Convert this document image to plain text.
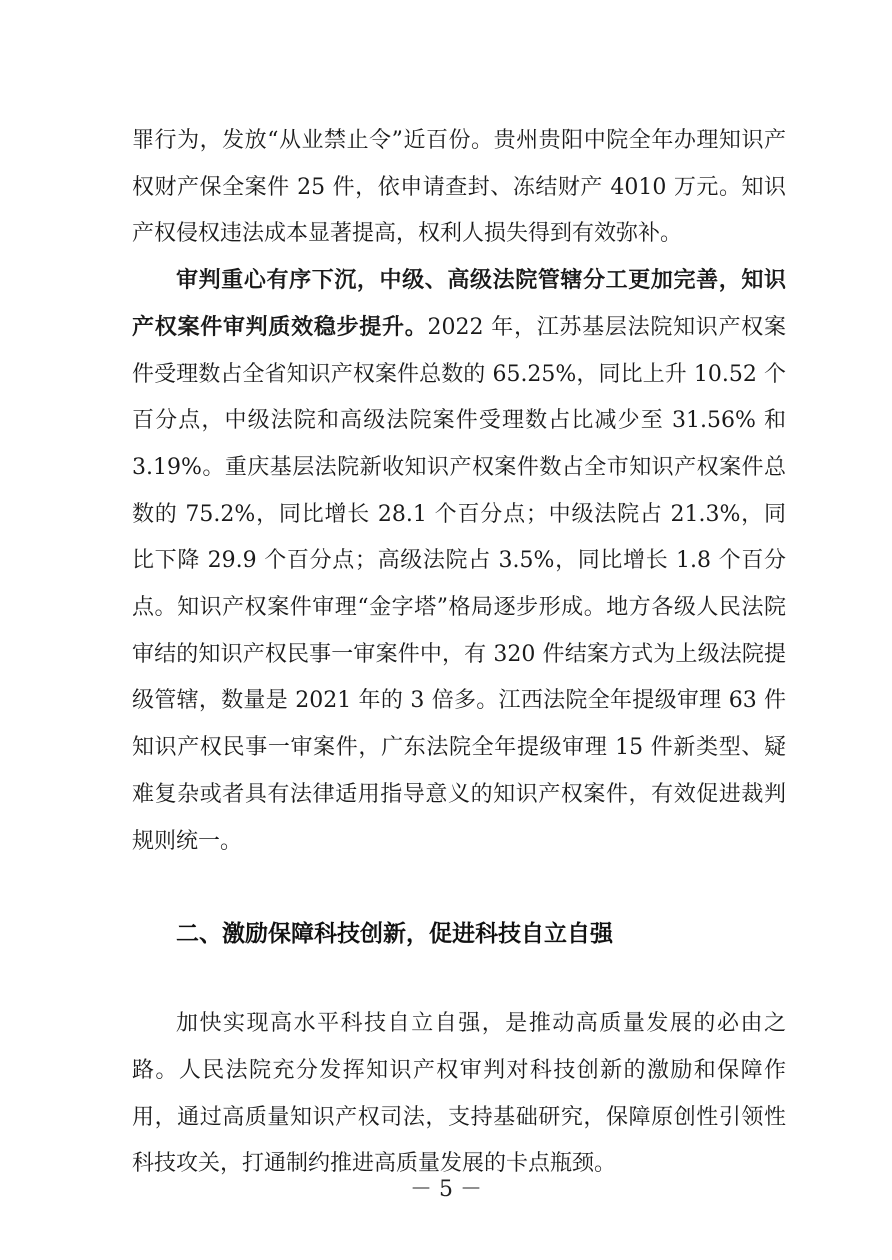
罪行为，发放“从业禁止令”近百份。贵州贵阳中院全年办理知识产权财产保全案件 25 件，依申请查封、冻结财产 4010 万元。知识产权侵权违法成本显著提高，权利人损失得到有效弥补。

审判重心有序下沉，中级、高级法院管辖分工更加完善，知识产权案件审判质效稳步提升。2022 年，江苏基层法院知识产权案件受理数占全省知识产权案件总数的 65.25%，同比上升 10.52 个百分点，中级法院和高级法院案件受理数占比减少至 31.56% 和 3.19%。重庆基层法院新收知识产权案件数占全市知识产权案件总数的 75.2%，同比增长 28.1 个百分点；中级法院占 21.3%，同比下降 29.9 个百分点；高级法院占 3.5%，同比增长 1.8 个百分点。知识产权案件审理“金字塔”格局逐步形成。地方各级人民法院审结的知识产权民事一审案件中，有 320 件结案方式为上级法院提级管辖，数量是 2021 年的 3 倍多。江西法院全年提级审理 63 件知识产权民事一审案件，广东法院全年提级审理 15 件新类型、疑难复杂或者具有法律适用指导意义的知识产权案件，有效促进裁判规则统一。

二、激励保障科技创新，促进科技自立自强

加快实现高水平科技自立自强，是推动高质量发展的必由之路。人民法院充分发挥知识产权审判对科技创新的激励和保障作用，通过高质量知识产权司法，支持基础研究，保障原创性引领性科技攻关，打通制约推进高质量发展的卡点瓶颈。

－ 5 －
